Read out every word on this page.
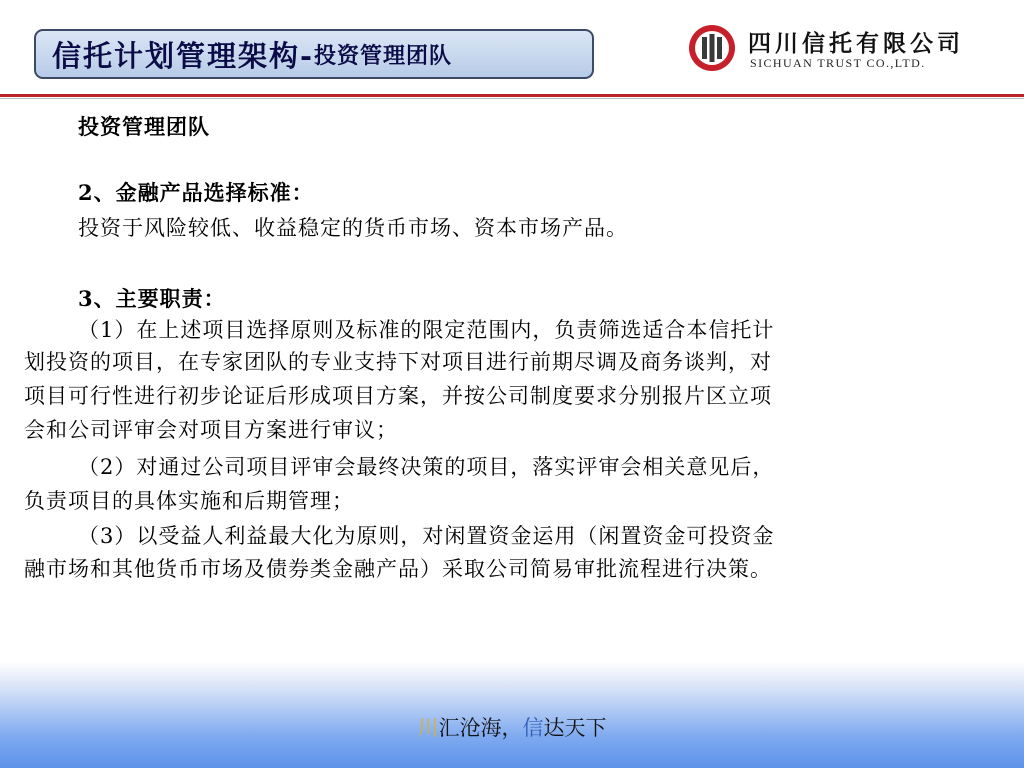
信托计划管理架构- 投资管理团队	四川信托有限公司
SICHUAN TRUST CO.,LTD.
投资管理团队
2、金融产品选择标准：
投资于风险较低、收益稳定的货币市场、资本市场产品。
3、主要职责：
（1）在上述项目选择原则及标准的限定范围内，负责筛选适合本信托计
划投资的项目，在专家团队的专业支持下对项目进行前期尽调及商务谈判，对
项目可行性进行初步论证后形成项目方案，并按公司制度要求分别报片区立项
会和公司评审会对项目方案进行审议；
（2）对通过公司项目评审会最终决策的项目，落实评审会相关意见后，
负责项目的具体实施和后期管理；
（3）以受益人利益最大化为原则，对闲置资金运用（闲置资金可投资金
融市场和其他货币市场及债券类金融产品）采取公司简易审批流程进行决策。
川汇沧海，信达天下
